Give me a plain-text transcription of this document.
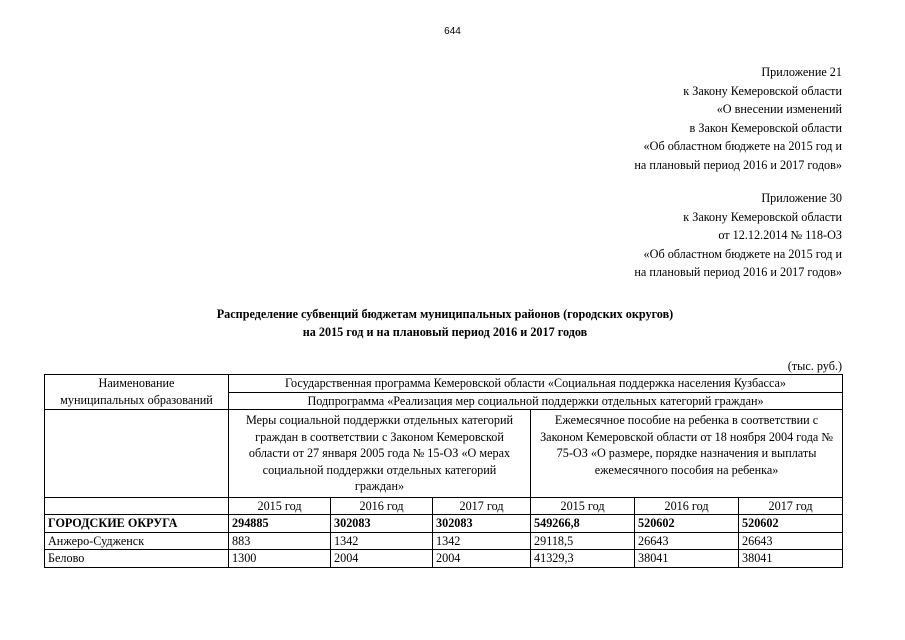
644
Приложение 21
к Закону Кемеровской области
«О внесении изменений
в Закон Кемеровской области
«Об областном бюджете на 2015 год и
на плановый период 2016 и 2017 годов»
Приложение 30
к Закону Кемеровской области
от 12.12.2014 № 118-ОЗ
«Об областном бюджете на 2015 год и
на плановый период 2016 и 2017 годов»
Распределение субвенций бюджетам муниципальных районов (городских округов)
на 2015 год и на плановый период 2016 и 2017 годов
(тыс. руб.)
Наименование
муниципальных образований	Государственная программа Кемеровской области «Социальная поддержка населения Кузбасса»					
	Подпрограмма «Реализация мер социальной поддержки отдельных категорий граждан»					
	Меры социальной поддержки отдельных категорий граждан в соответствии с Законом Кемеровской области от 27 января 2005 года № 15-ОЗ «О мерах социальной поддержки отдельных категорий граждан»			Ежемесячное пособие на ребенка в соответствии с Законом Кемеровской области от 18 ноября 2004 года № 75-ОЗ «О размере, порядке назначения и выплаты ежемесячного пособия на ребенка»		
	2015 год	2016 год	2017 год	2015 год	2016 год	2017 год
ГОРОДСКИЕ ОКРУГА	294885	302083	302083	549266,8	520602	520602
Анжеро-Судженск	883	1342	1342	29118,5	26643	26643
Белово	1300	2004	2004	41329,3	38041	38041
